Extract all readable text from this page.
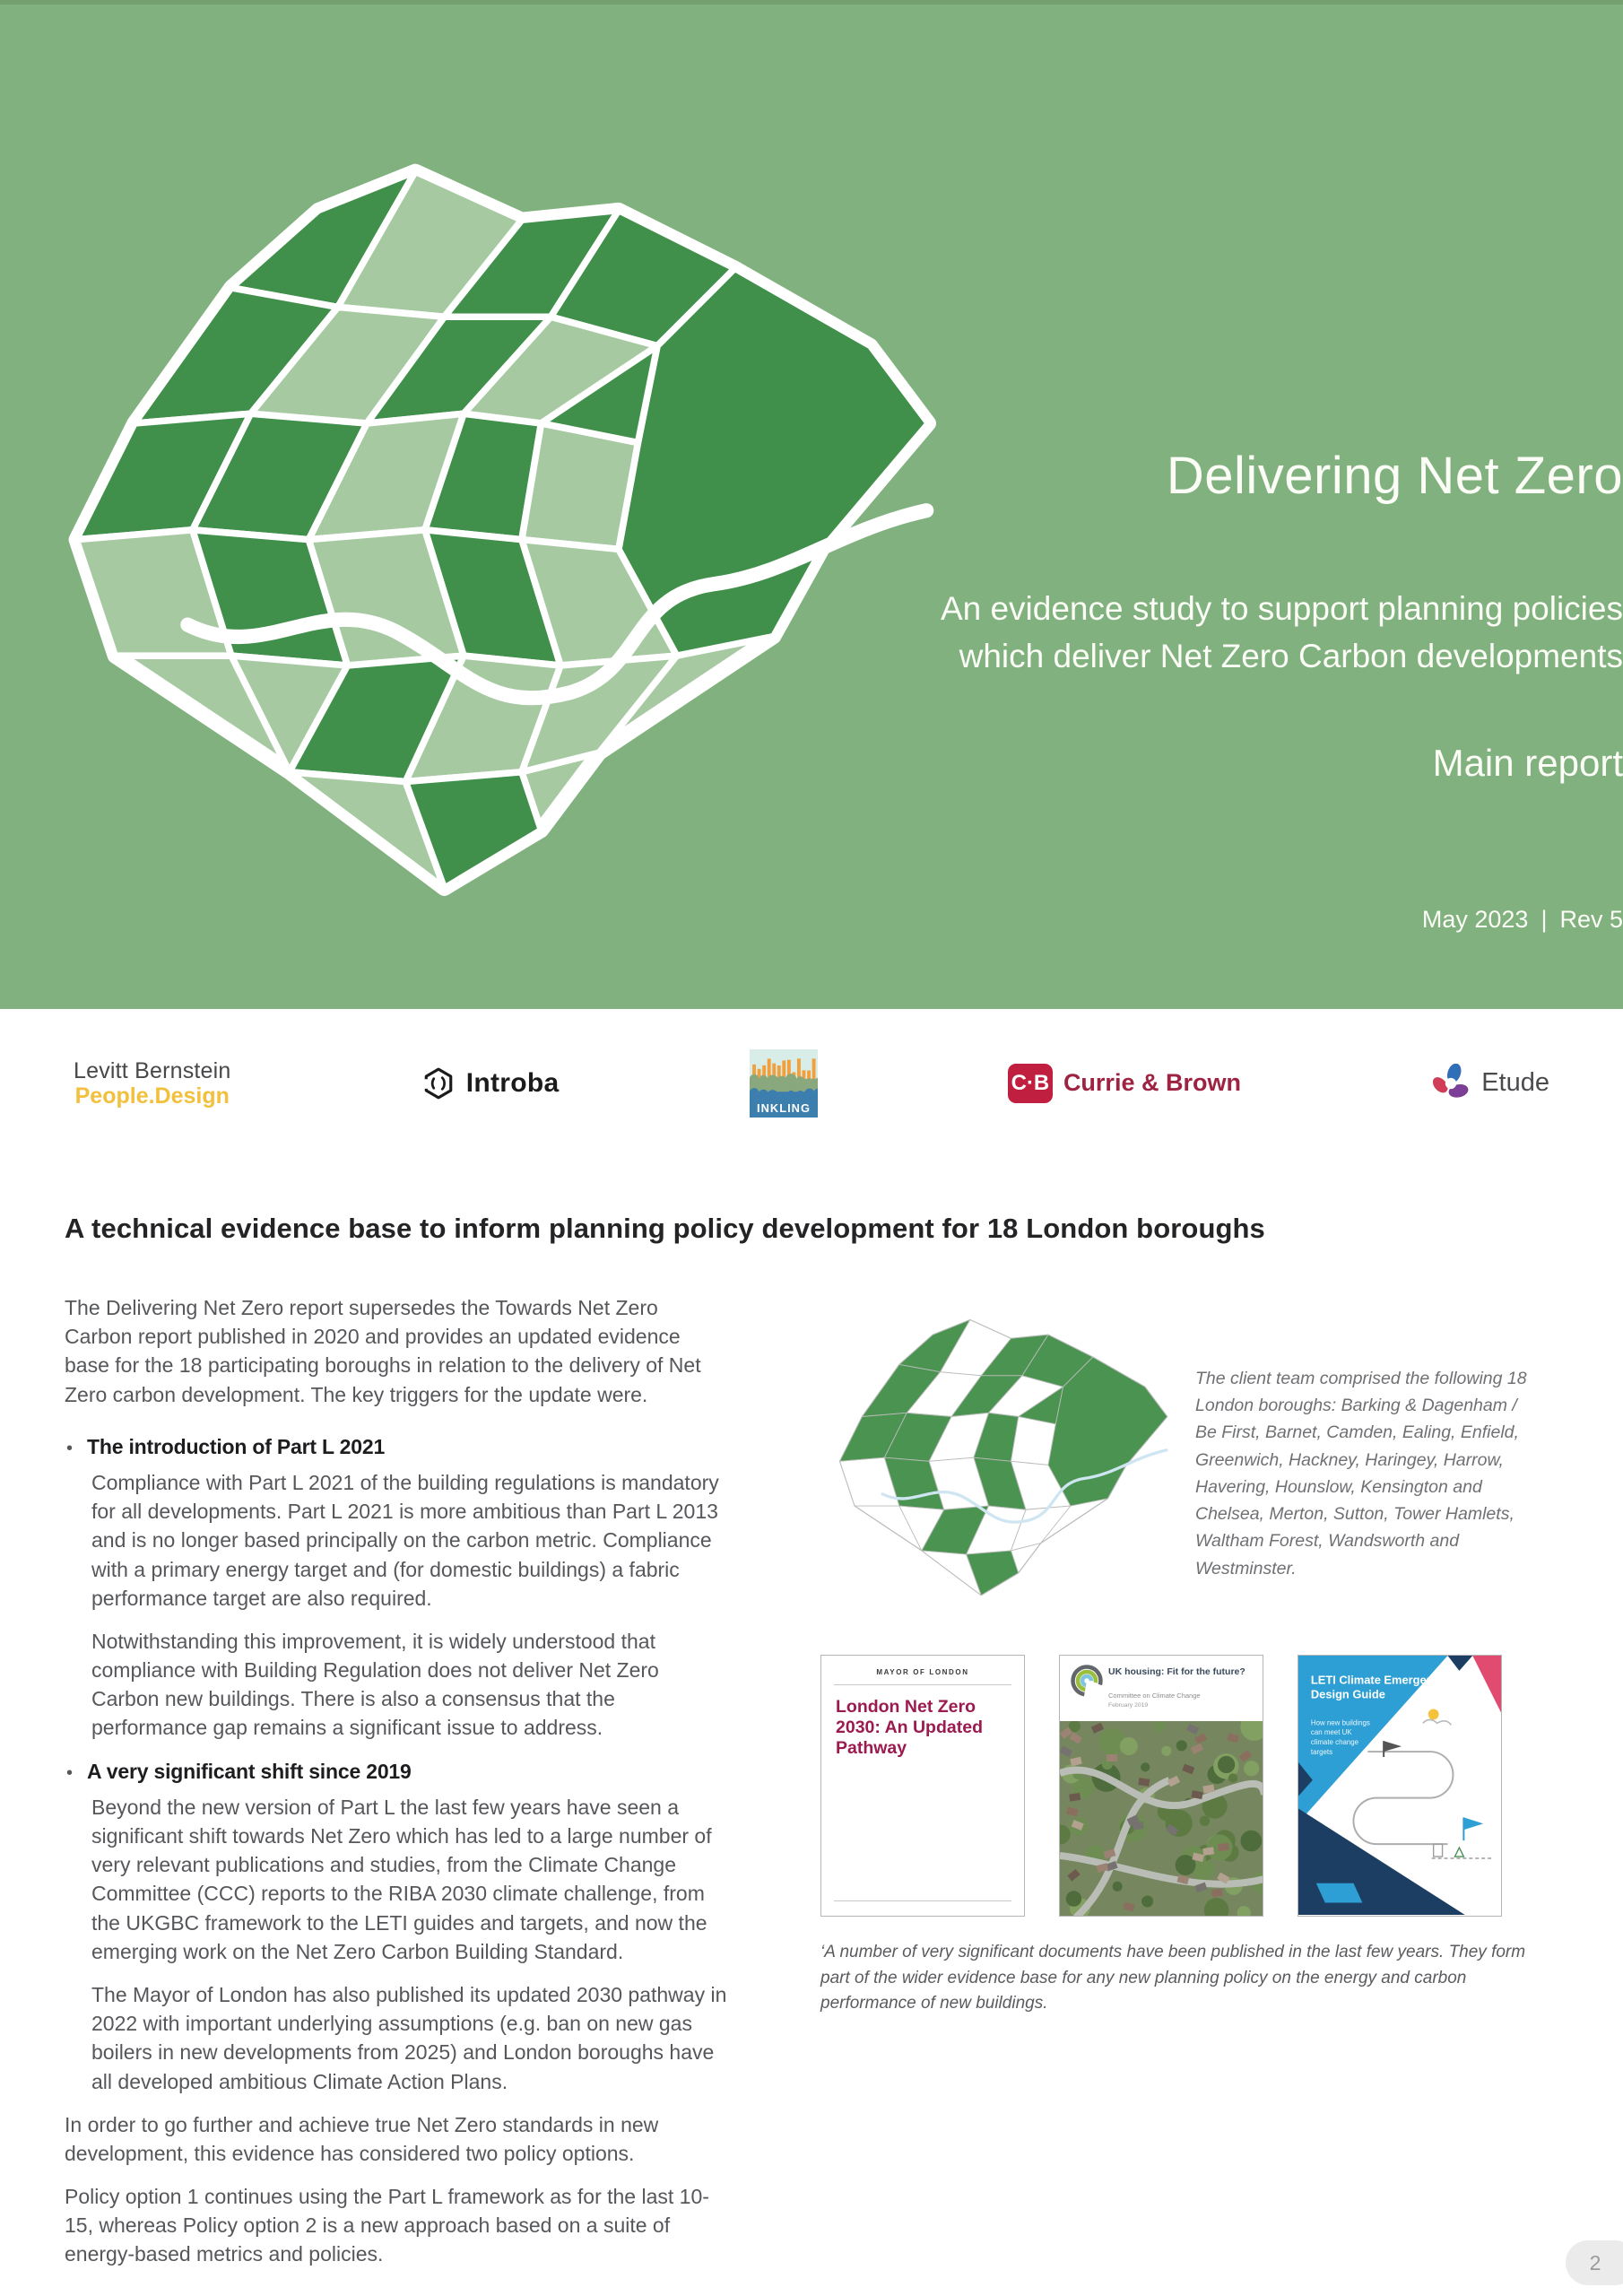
Delivering Net Zero
An evidence study to support planning policies
which deliver Net Zero Carbon developments
Main report
May 2023 | Rev 5
Levitt Bernstein
People.Design	Introba
INKLING
C·B Currie & Brown	Etude
A technical evidence base to inform planning policy development for 18 London boroughs

The Delivering Net Zero report supersedes the Towards Net Zero Carbon report published in 2020 and provides an updated evidence base for the 18 participating boroughs in relation to the delivery of Net Zero carbon development. The key triggers for the update were.

• The introduction of Part L 2021

Compliance with Part L 2021 of the building regulations is mandatory for all developments. Part L 2021 is more ambitious than Part L 2013 and is no longer based principally on the carbon metric. Compliance with a primary energy target and (for domestic buildings) a fabric performance target are also required.

Notwithstanding this improvement, it is widely understood that compliance with Building Regulation does not deliver Net Zero Carbon new buildings. There is also a consensus that the performance gap remains a significant issue to address.

• A very significant shift since 2019

Beyond the new version of Part L the last few years have seen a significant shift towards Net Zero which has led to a large number of very relevant publications and studies, from the Climate Change Committee (CCC) reports to the RIBA 2030 climate challenge, from the UKGBC framework to the LETI guides and targets, and now the emerging work on the Net Zero Carbon Building Standard.

The Mayor of London has also published its updated 2030 pathway in 2022 with important underlying assumptions (e.g. ban on new gas boilers in new developments from 2025) and London boroughs have all developed ambitious Climate Action Plans.

In order to go further and achieve true Net Zero standards in new development, this evidence has considered two policy options.

Policy option 1 continues using the Part L framework as for the last 10-15, whereas Policy option 2 is a new approach based on a suite of energy-based metrics and policies.

The client team comprised the following 18 London boroughs: Barking & Dagenham / Be First, Barnet, Camden, Ealing, Enfield, Greenwich, Hackney, Haringey, Harrow, Havering, Hounslow, Kensington and Chelsea, Merton, Sutton, Tower Hamlets, Waltham Forest, Wandsworth and Westminster.
MAYOR OF LONDON
London Net Zero 2030: An Updated Pathway
UK housing: Fit for the future?
Committee on Climate Change
February 2019
LETI Climate Emergency Design Guide
How new buildings can meet UK climate change targets
‘A number of very significant documents have been published in the last few years. They form part of the wider evidence base for any new planning policy on the energy and carbon performance of new buildings.
2
